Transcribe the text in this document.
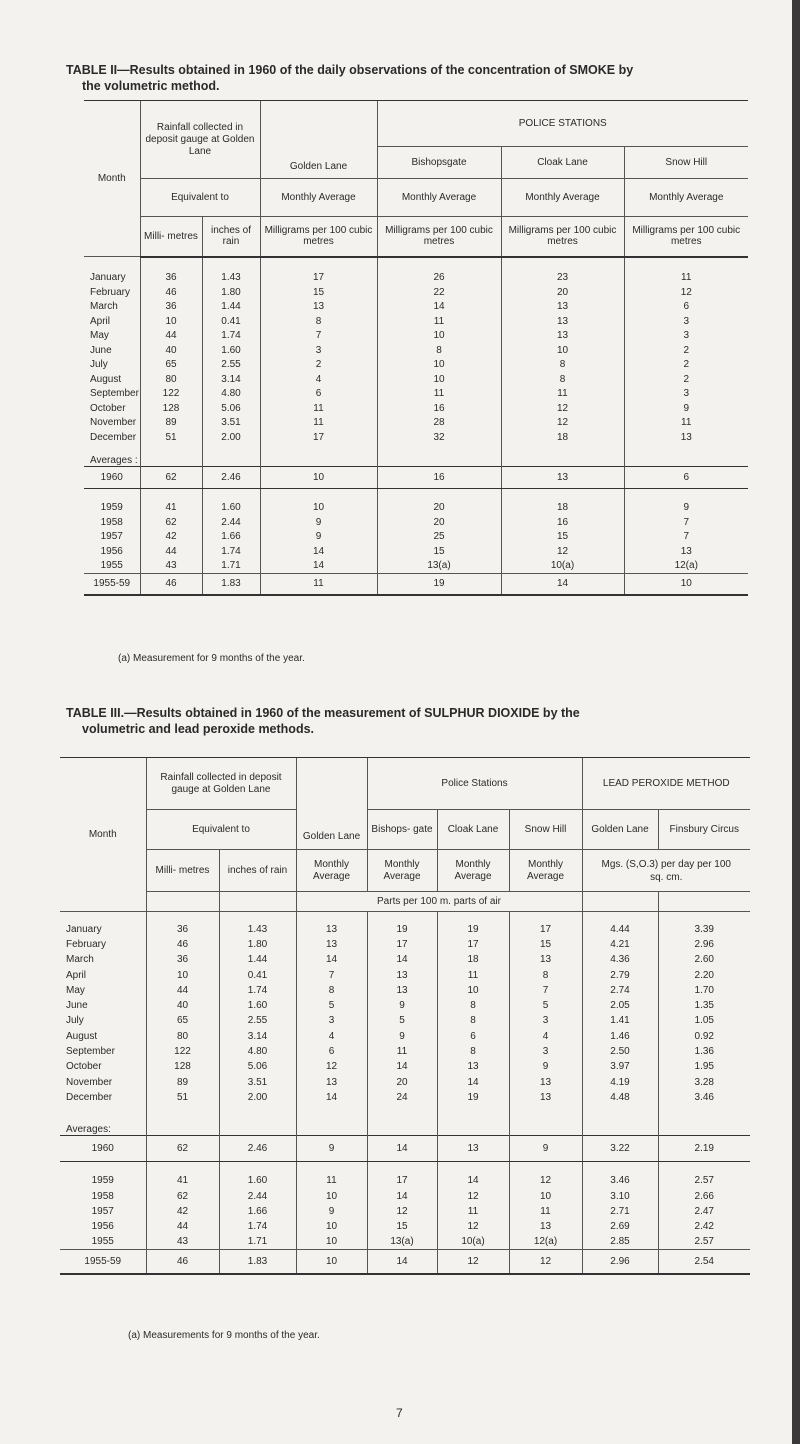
TABLE II—Results obtained in 1960 of the daily observations of the concentration of SMOKE by
the volumetric method.
Month	Rainfall collected in deposit gauge at Golden Lane		Golden Lane	POLICE STATIONS		
				Bishopsgate	Cloak Lane	Snow Hill
	Equivalent to		Monthly Average	Monthly Average	Monthly Average	Monthly Average
	Milli- metres	inches of rain	Milligrams per 100 cubic metres	Milligrams per 100 cubic metres	Milligrams per 100 cubic metres	Milligrams per 100 cubic metres

January	36	1.43	17	26	23	11
February	46	1.80	15	22	20	12
March	36	1.44	13	14	13	6
April	10	0.41	8	11	13	3
May	44	1.74	7	10	13	3
June	40	1.60	3	8	10	2
July	65	2.55	2	10	8	2
August	80	3.14	4	10	8	2
September	122	4.80	6	11	11	3
October	128	5.06	11	16	12	9
November	89	3.51	11	28	12	11
December	51	2.00	17	32	18	13
Averages :						
1960	62	2.46	10	16	13	6

1959	41	1.60	10	20	18	9
1958	62	2.44	9	20	16	7
1957	42	1.66	9	25	15	7
1956	44	1.74	14	15	12	13
1955	43	1.71	14	13(a)	10(a)	12(a)
1955-59	46	1.83	11	19	14	10
(a) Measurement for 9 months of the year.
TABLE III.—Results obtained in 1960 of the measurement of SULPHUR DIOXIDE by the
volumetric and lead peroxide methods.
Month	Rainfall collected in deposit gauge at Golden Lane		Golden Lane	Police Stations			LEAD PEROXIDE METHOD	
	Equivalent to			Bishops- gate	Cloak Lane	Snow Hill	Golden Lane	Finsbury Circus
	Milli- metres	inches of rain	Monthly Average	Monthly Average	Monthly Average	Monthly Average	Mgs. (S,O.3) per day per 100 sq. cm.	
			Parts per 100 m. parts of air					

January	36	1.43	13	19	19	17	4.44	3.39
February	46	1.80	13	17	17	15	4.21	2.96
March	36	1.44	14	14	18	13	4.36	2.60
April	10	0.41	7	13	11	8	2.79	2.20
May	44	1.74	8	13	10	7	2.74	1.70
June	40	1.60	5	9	8	5	2.05	1.35
July	65	2.55	3	5	8	3	1.41	1.05
August	80	3.14	4	9	6	4	1.46	0.92
September	122	4.80	6	11	8	3	2.50	1.36
October	128	5.06	12	14	13	9	3.97	1.95
November	89	3.51	13	20	14	13	4.19	3.28
December	51	2.00	14	24	19	13	4.48	3.46
Averages:								
1960	62	2.46	9	14	13	9	3.22	2.19

1959	41	1.60	11	17	14	12	3.46	2.57
1958	62	2.44	10	14	12	10	3.10	2.66
1957	42	1.66	9	12	11	11	2.71	2.47
1956	44	1.74	10	15	12	13	2.69	2.42
1955	43	1.71	10	13(a)	10(a)	12(a)	2.85	2.57
1955-59	46	1.83	10	14	12	12	2.96	2.54
(a) Measurements for 9 months of the year.
7
